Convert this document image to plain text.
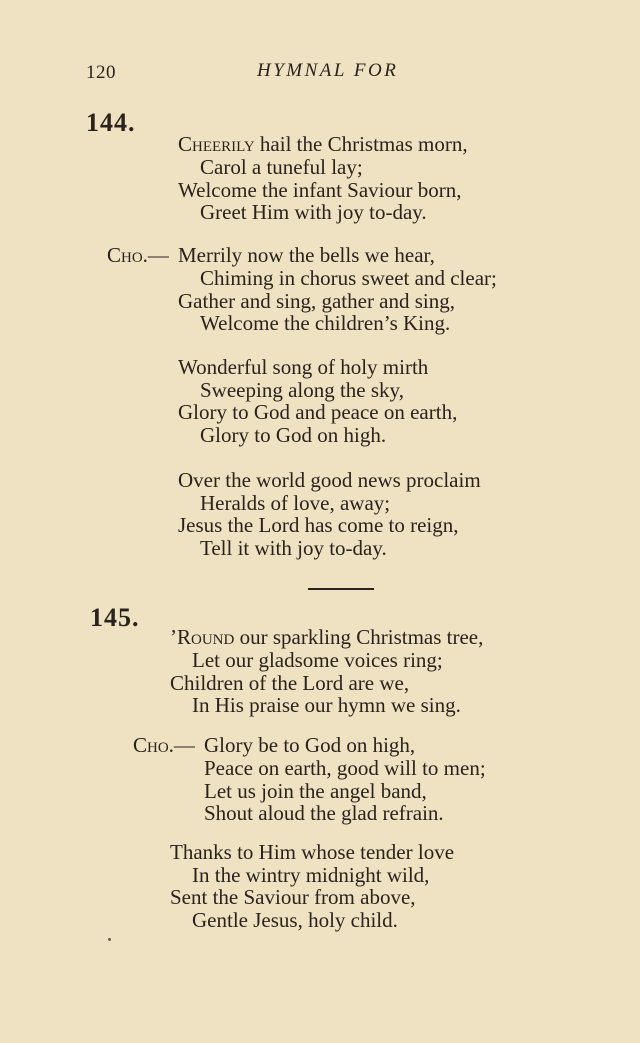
120	HYMNAL FOR
144.
Cheerily hail the Christmas morn,
Carol a tuneful lay;
Welcome the infant Saviour born,
Greet Him with joy to-day.
Cho.— Merrily now the bells we hear,
Chiming in chorus sweet and clear;
Gather and sing, gather and sing,
Welcome the children’s King.
Wonderful song of holy mirth
Sweeping along the sky,
Glory to God and peace on earth,
Glory to God on high.
Over the world good news proclaim
Heralds of love, away;
Jesus the Lord has come to reign,
Tell it with joy to-day.
145.
’Round our sparkling Christmas tree,
Let our gladsome voices ring;
Children of the Lord are we,
In His praise our hymn we sing.
Cho.— Glory be to God on high,
Peace on earth, good will to men;
Let us join the angel band,
Shout aloud the glad refrain.
Thanks to Him whose tender love
In the wintry midnight wild,
Sent the Saviour from above,
Gentle Jesus, holy child.
